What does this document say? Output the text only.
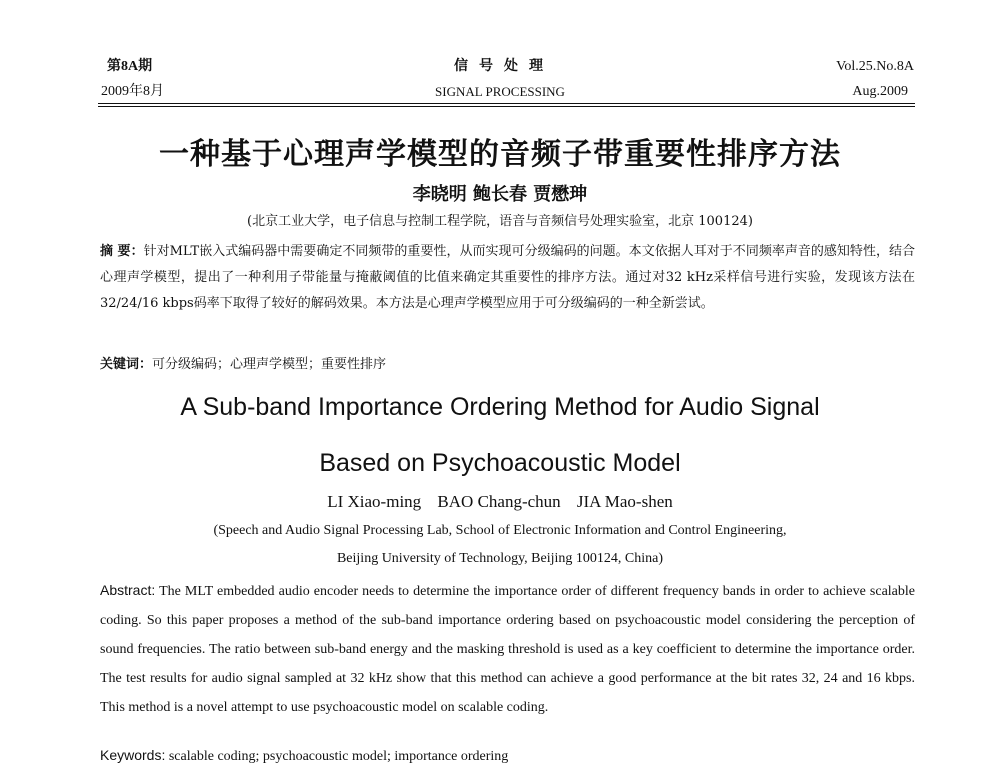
第8A期
2009年8月
信号处理
SIGNAL PROCESSING
Vol.25.No.8A
Aug.2009
一种基于心理声学模型的音频子带重要性排序方法
李晓明 鲍长春 贾懋珅
(北京工业大学，电子信息与控制工程学院，语音与音频信号处理实验室，北京 100124)
摘 要：针对MLT嵌入式编码器中需要确定不同频带的重要性，从而实现可分级编码的问题。本文依据人耳对于不同频率声音的感知特性，结合心理声学模型，提出了一种利用子带能量与掩蔽阈值的比值来确定其重要性的排序方法。通过对32 kHz采样信号进行实验，发现该方法在32/24/16 kbps码率下取得了较好的解码效果。本方法是心理声学模型应用于可分级编码的一种全新尝试。
关键词：可分级编码；心理声学模型；重要性排序
A Sub-band Importance Ordering Method for Audio Signal
Based on Psychoacoustic Model
LI Xiao-ming BAO Chang-chun JIA Mao-shen
(Speech and Audio Signal Processing Lab, School of Electronic Information and Control Engineering,
Beijing University of Technology, Beijing 100124, China)
Abstract: The MLT embedded audio encoder needs to determine the importance order of different frequency bands in order to achieve scalable coding. So this paper proposes a method of the sub-band importance ordering based on psychoacoustic model considering the perception of sound frequencies. The ratio between sub-band energy and the masking threshold is used as a key coefficient to determine the importance order. The test results for audio signal sampled at 32 kHz show that this method can achieve a good performance at the bit rates 32, 24 and 16 kbps. This method is a novel attempt to use psychoacoustic model on scalable coding.
Keywords: scalable coding; psychoacoustic model; importance ordering
